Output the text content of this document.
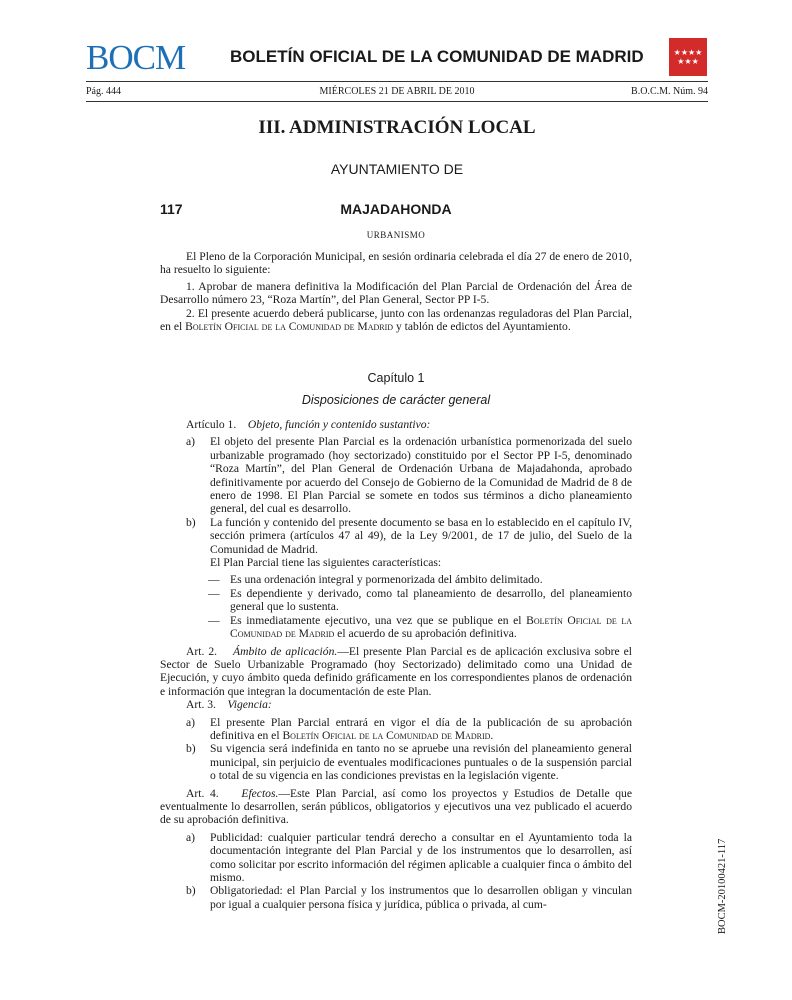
BOCM	BOLETÍN OFICIAL DE LA COMUNIDAD DE MADRID	★★★★★★★
Pág. 444	MIÉRCOLES 21 DE ABRIL DE 2010	B.O.C.M. Núm. 94
III. ADMINISTRACIÓN LOCAL
AYUNTAMIENTO DE
117	MAJADAHONDA
URBANISMO

El Pleno de la Corporación Municipal, en sesión ordinaria celebrada el día 27 de enero de 2010, ha resuelto lo siguiente:

1. Aprobar de manera definitiva la Modificación del Plan Parcial de Ordenación del Área de Desarrollo número 23, “Roza Martín”, del Plan General, Sector PP I-5.

2. El presente acuerdo deberá publicarse, junto con las ordenanzas reguladoras del Plan Parcial, en el Boletín Oficial de la Comunidad de Madrid y tablón de edictos del Ayuntamiento.

Capítulo 1
Disposiciones de carácter general

Artículo 1. Objeto, función y contenido sustantivo:

a) El objeto del presente Plan Parcial es la ordenación urbanística pormenorizada del suelo urbanizable programado (hoy sectorizado) constituido por el Sector PP I-5, denominado “Roza Martín”, del Plan General de Ordenación Urbana de Majadahonda, aprobado definitivamente por acuerdo del Consejo de Gobierno de la Comunidad de Madrid de 8 de enero de 1998. El Plan Parcial se somete en todos sus términos a dicho planeamiento general, del cual es desarrollo.
b) La función y contenido del presente documento se basa en lo establecido en el capítulo IV, sección primera (artículos 47 al 49), de la Ley 9/2001, de 17 de julio, del Suelo de la Comunidad de Madrid.
El Plan Parcial tiene las siguientes características:
— Es una ordenación integral y pormenorizada del ámbito delimitado.
— Es dependiente y derivado, como tal planeamiento de desarrollo, del planeamiento general que lo sustenta.
— Es inmediatamente ejecutivo, una vez que se publique en el Boletín Oficial de la Comunidad de Madrid el acuerdo de su aprobación definitiva.

Art. 2. Ámbito de aplicación.—El presente Plan Parcial es de aplicación exclusiva sobre el Sector de Suelo Urbanizable Programado (hoy Sectorizado) delimitado como una Unidad de Ejecución, y cuyo ámbito queda definido gráficamente en los correspondientes planos de ordenación e información que integran la documentación de este Plan.

Art. 3. Vigencia:

a) El presente Plan Parcial entrará en vigor el día de la publicación de su aprobación definitiva en el Boletín Oficial de la Comunidad de Madrid.
b) Su vigencia será indefinida en tanto no se apruebe una revisión del planeamiento general municipal, sin perjuicio de eventuales modificaciones puntuales o de la suspensión parcial o total de su vigencia en las condiciones previstas en la legislación vigente.

Art. 4. Efectos.—Este Plan Parcial, así como los proyectos y Estudios de Detalle que eventualmente lo desarrollen, serán públicos, obligatorios y ejecutivos una vez publicado el acuerdo de su aprobación definitiva.

a) Publicidad: cualquier particular tendrá derecho a consultar en el Ayuntamiento toda la documentación integrante del Plan Parcial y de los instrumentos que lo desarrollen, así como solicitar por escrito información del régimen aplicable a cualquier finca o ámbito del mismo.
b) Obligatoriedad: el Plan Parcial y los instrumentos que lo desarrollen obligan y vinculan por igual a cualquier persona física y jurídica, pública o privada, al cum-	BOCM-20100421-117
